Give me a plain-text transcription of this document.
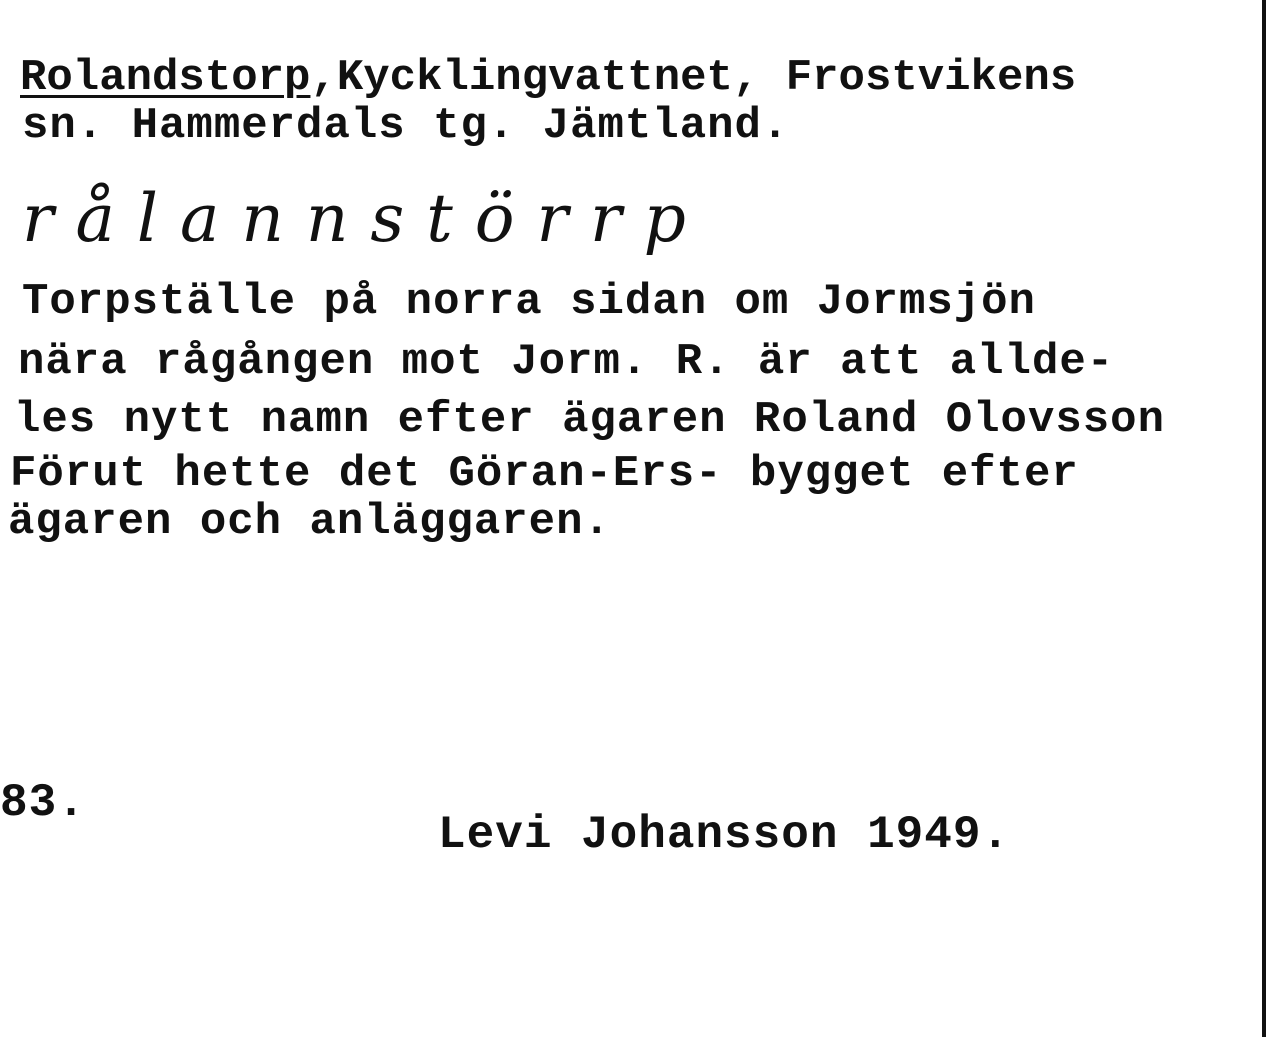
Rolandstorp,Kycklingvattnet, Frostvikens
sn. Hammerdals tg. Jämtland.
rålannstörrp
Torpställe på norra sidan om Jormsjön
nära rågången mot Jorm. R. är att allde-
les nytt namn efter ägaren Roland Olovsson
Förut hette det Göran-Ers- bygget efter
ägaren och anläggaren.
83.
Levi Johansson 1949.
